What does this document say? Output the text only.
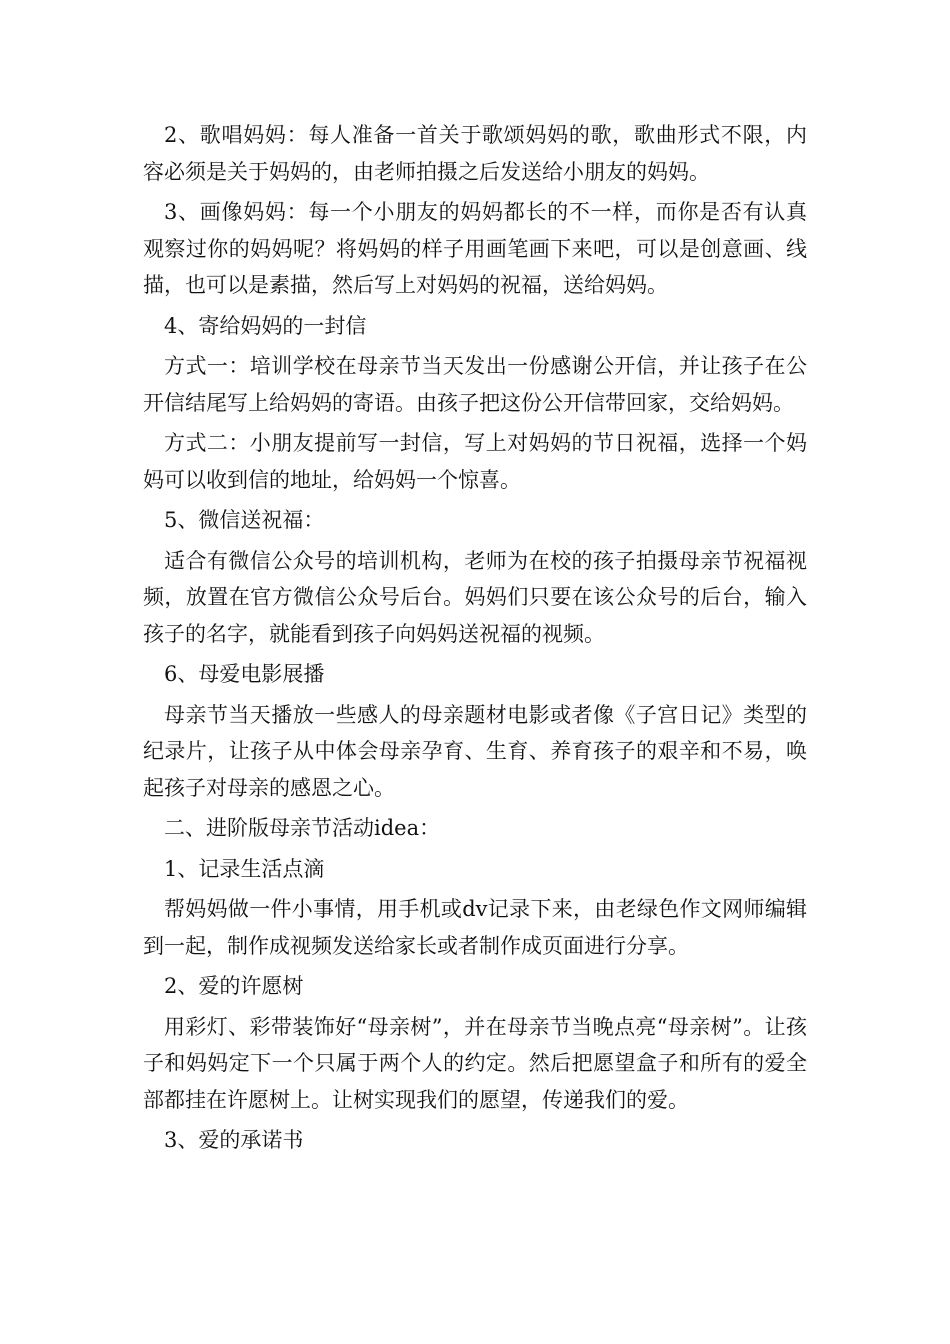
2、歌唱妈妈：每人准备一首关于歌颂妈妈的歌，歌曲形式不限，内容必须是关于妈妈的，由老师拍摄之后发送给小朋友的妈妈。

3、画像妈妈：每一个小朋友的妈妈都长的不一样，而你是否有认真观察过你的妈妈呢？将妈妈的样子用画笔画下来吧，可以是创意画、线描，也可以是素描，然后写上对妈妈的祝福，送给妈妈。

4、寄给妈妈的一封信

方式一：培训学校在母亲节当天发出一份感谢公开信，并让孩子在公开信结尾写上给妈妈的寄语。由孩子把这份公开信带回家，交给妈妈。

方式二：小朋友提前写一封信，写上对妈妈的节日祝福，选择一个妈妈可以收到信的地址，给妈妈一个惊喜。

5、微信送祝福：

适合有微信公众号的培训机构，老师为在校的孩子拍摄母亲节祝福视频，放置在官方微信公众号后台。妈妈们只要在该公众号的后台，输入孩子的名字，就能看到孩子向妈妈送祝福的视频。

6、母爱电影展播

母亲节当天播放一些感人的母亲题材电影或者像《子宫日记》类型的纪录片，让孩子从中体会母亲孕育、生育、养育孩子的艰辛和不易，唤起孩子对母亲的感恩之心。

二、进阶版母亲节活动idea：

1、记录生活点滴

帮妈妈做一件小事情，用手机或dv记录下来，由老绿色作文网师编辑到一起，制作成视频发送给家长或者制作成页面进行分享。

2、爱的许愿树

用彩灯、彩带装饰好“母亲树”，并在母亲节当晚点亮“母亲树”。让孩子和妈妈定下一个只属于两个人的约定。然后把愿望盒子和所有的爱全部都挂在许愿树上。让树实现我们的愿望，传递我们的爱。

3、爱的承诺书
